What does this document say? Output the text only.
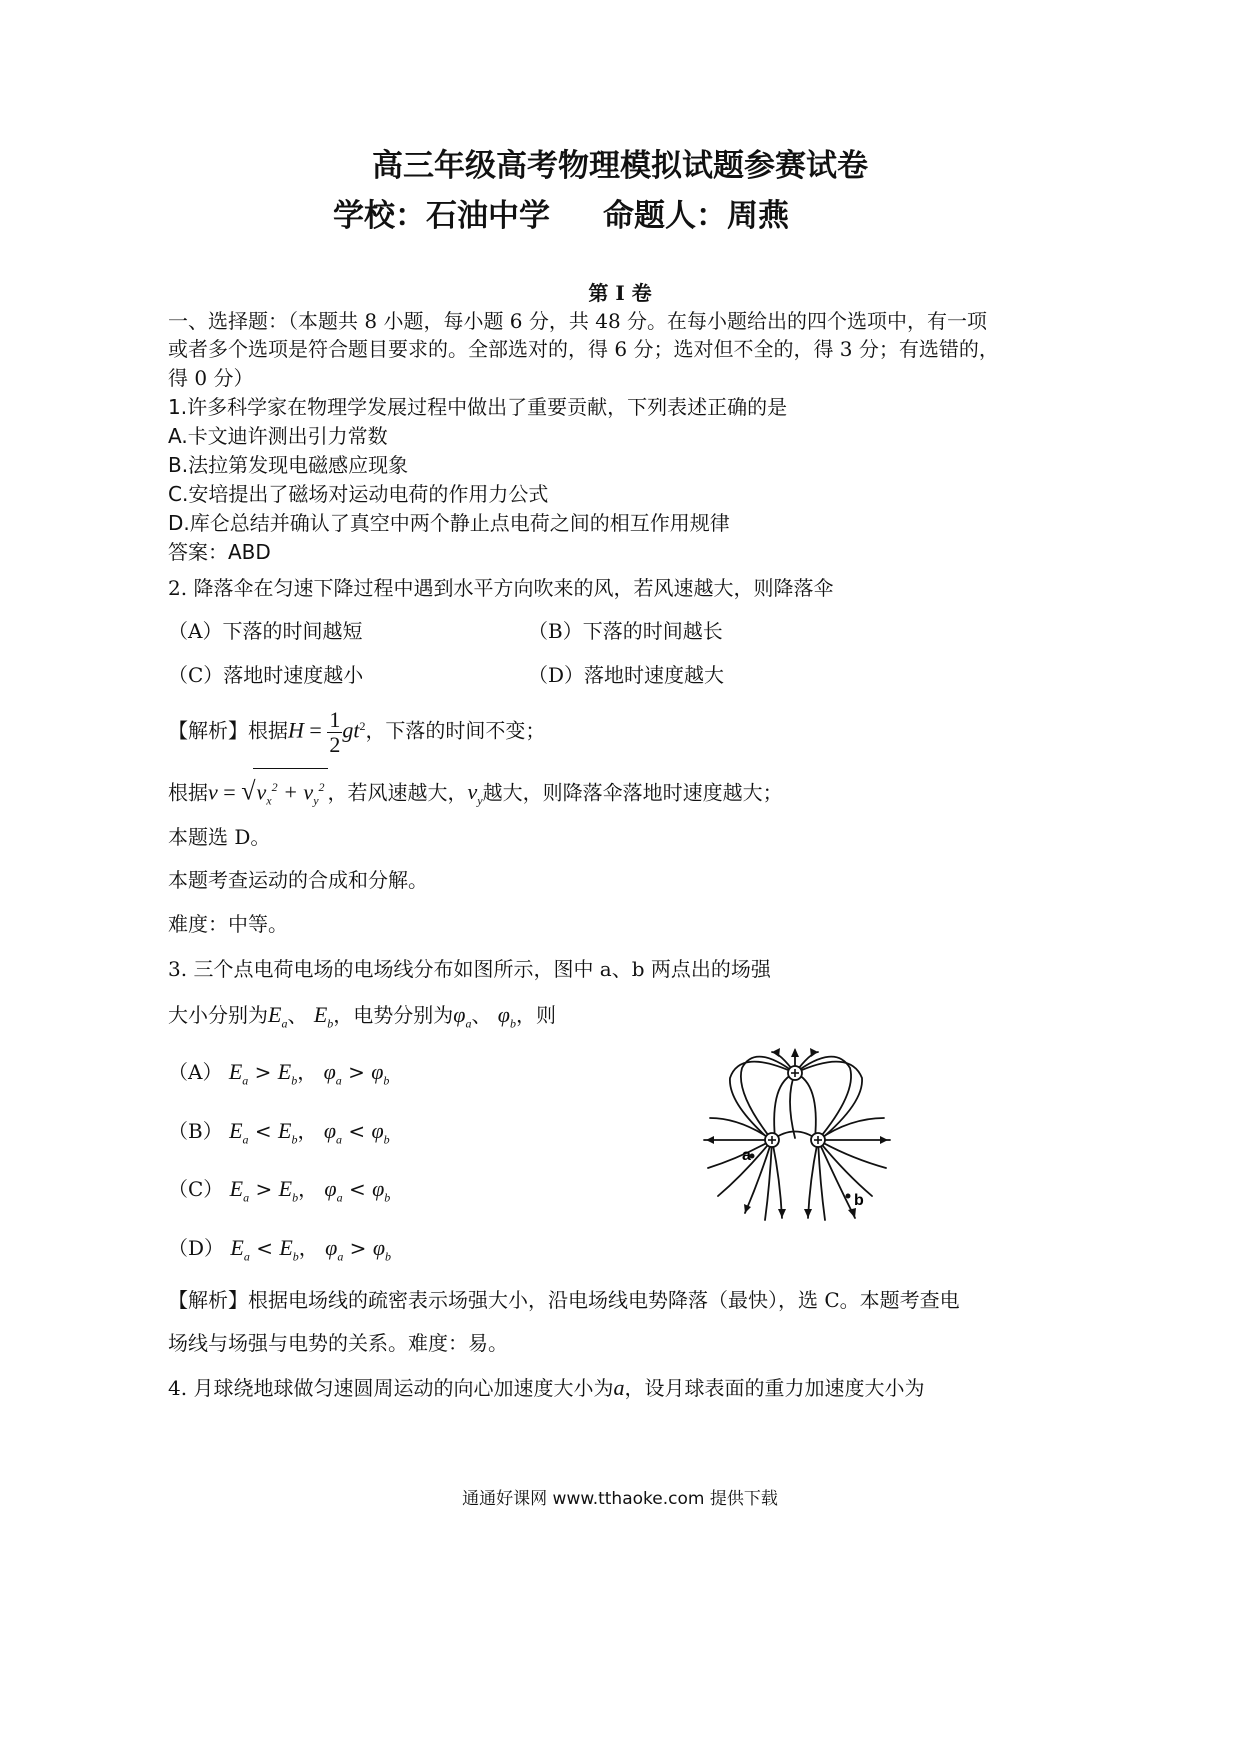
高三年级高考物理模拟试题参赛试卷
学校：石油中学 命题人：周燕
第 I 卷
一、选择题：（本题共 8 小题，每小题 6 分，共 48 分。在每小题给出的四个选项中，有一项
或者多个选项是符合题目要求的。全部选对的，得 6 分；选对但不全的，得 3 分；有选错的，
得 0 分）
1.许多科学家在物理学发展过程中做出了重要贡献，下列表述正确的是
A.卡文迪许测出引力常数
B.法拉第发现电磁感应现象
C.安培提出了磁场对运动电荷的作用力公式
D.库仑总结并确认了真空中两个静止点电荷之间的相互作用规律
答案：ABD
2. 降落伞在匀速下降过程中遇到水平方向吹来的风，若风速越大，则降落伞
（A）下落的时间越短	（B）下落的时间越长
（C）落地时速度越小	（D）落地时速度越大
【解析】根据$H = \frac{1}{2} gt^2$，下落的时间不变；
根据$v = √v_x^2 + v_y^2$ ，若风速越大，$v_y$越大，则降落伞落地时速度越大；
本题选 D。
本题考查运动的合成和分解。
难度：中等。
3. 三个点电荷电场的电场线分布如图所示，图中 a、b 两点出的场强
大小分别为$E_a$、 $E_b$，电势分别为$\varphi_a$、 $\varphi_b$，则
（A） $E_a > E_b$， $\varphi_a > \varphi_b$
（B） $E_a < E_b$， $\varphi_a < \varphi_b$
（C） $E_a > E_b$， $\varphi_a < \varphi_b$
（D） $E_a < E_b$， $\varphi_a > \varphi_b$
a
b
【解析】根据电场线的疏密表示场强大小，沿电场线电势降落（最快），选 C。本题考查电
场线与场强与电势的关系。难度：易。
4. 月球绕地球做匀速圆周运动的向心加速度大小为a，设月球表面的重力加速度大小为
通通好课网 www.tthaoke.com 提供下载
